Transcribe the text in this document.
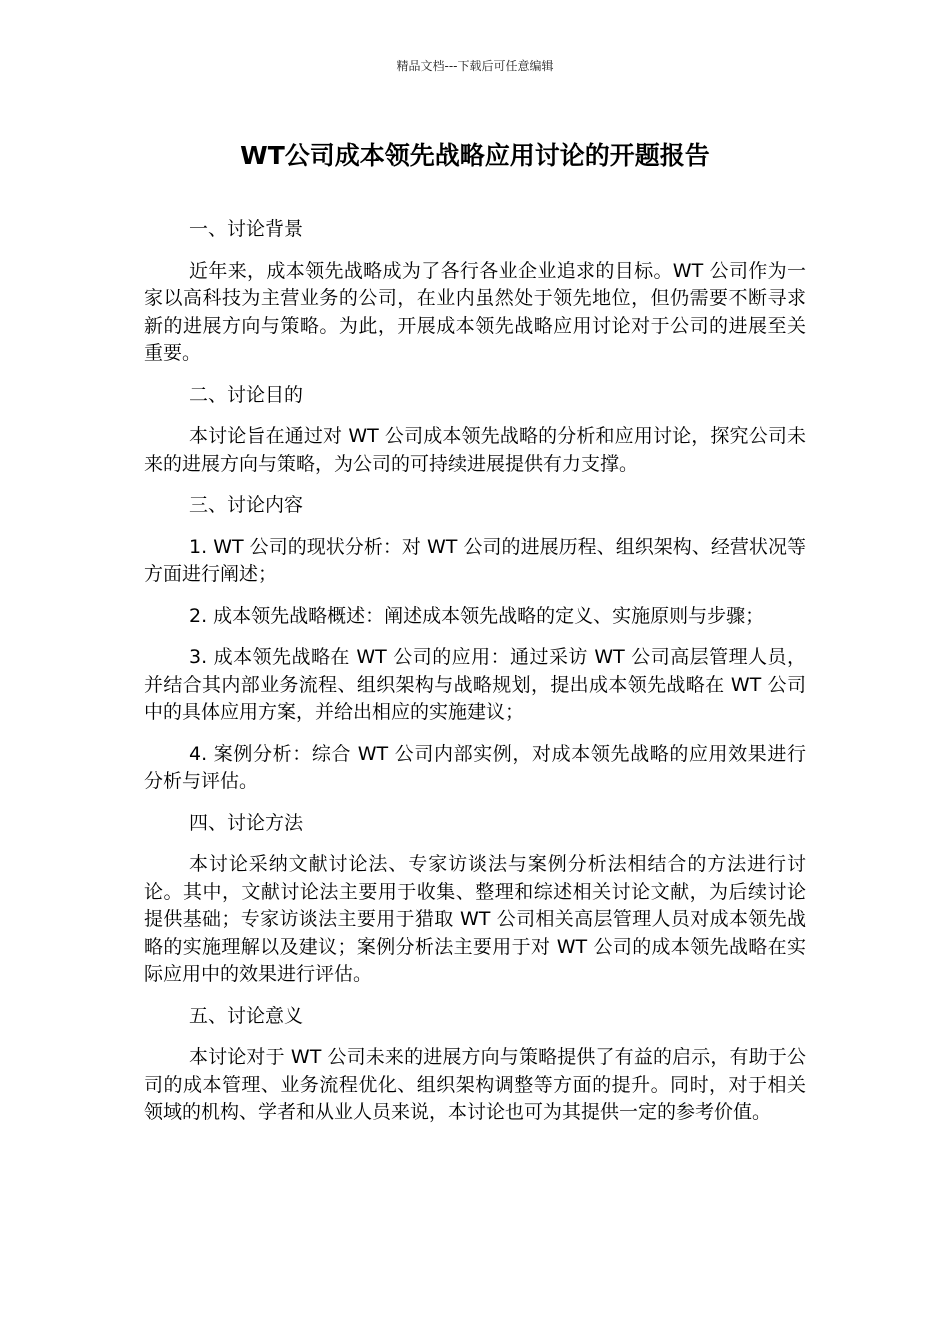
精品文档---下载后可任意编辑
WT公司成本领先战略应用讨论的开题报告

一、讨论背景

近年来，成本领先战略成为了各行各业企业追求的目标。WT 公司作为一家以高科技为主营业务的公司，在业内虽然处于领先地位，但仍需要不断寻求新的进展方向与策略。为此，开展成本领先战略应用讨论对于公司的进展至关重要。

二、讨论目的

本讨论旨在通过对 WT 公司成本领先战略的分析和应用讨论，探究公司未来的进展方向与策略，为公司的可持续进展提供有力支撑。

三、讨论内容

1. WT 公司的现状分析：对 WT 公司的进展历程、组织架构、经营状况等方面进行阐述；

2. 成本领先战略概述：阐述成本领先战略的定义、实施原则与步骤；

3. 成本领先战略在 WT 公司的应用：通过采访 WT 公司高层管理人员，并结合其内部业务流程、组织架构与战略规划，提出成本领先战略在 WT 公司中的具体应用方案，并给出相应的实施建议；

4. 案例分析：综合 WT 公司内部实例，对成本领先战略的应用效果进行分析与评估。

四、讨论方法

本讨论采纳文献讨论法、专家访谈法与案例分析法相结合的方法进行讨论。其中，文献讨论法主要用于收集、整理和综述相关讨论文献，为后续讨论提供基础；专家访谈法主要用于猎取 WT 公司相关高层管理人员对成本领先战略的实施理解以及建议；案例分析法主要用于对 WT 公司的成本领先战略在实际应用中的效果进行评估。

五、讨论意义

本讨论对于 WT 公司未来的进展方向与策略提供了有益的启示，有助于公司的成本管理、业务流程优化、组织架构调整等方面的提升。同时，对于相关领域的机构、学者和从业人员来说，本讨论也可为其提供一定的参考价值。
